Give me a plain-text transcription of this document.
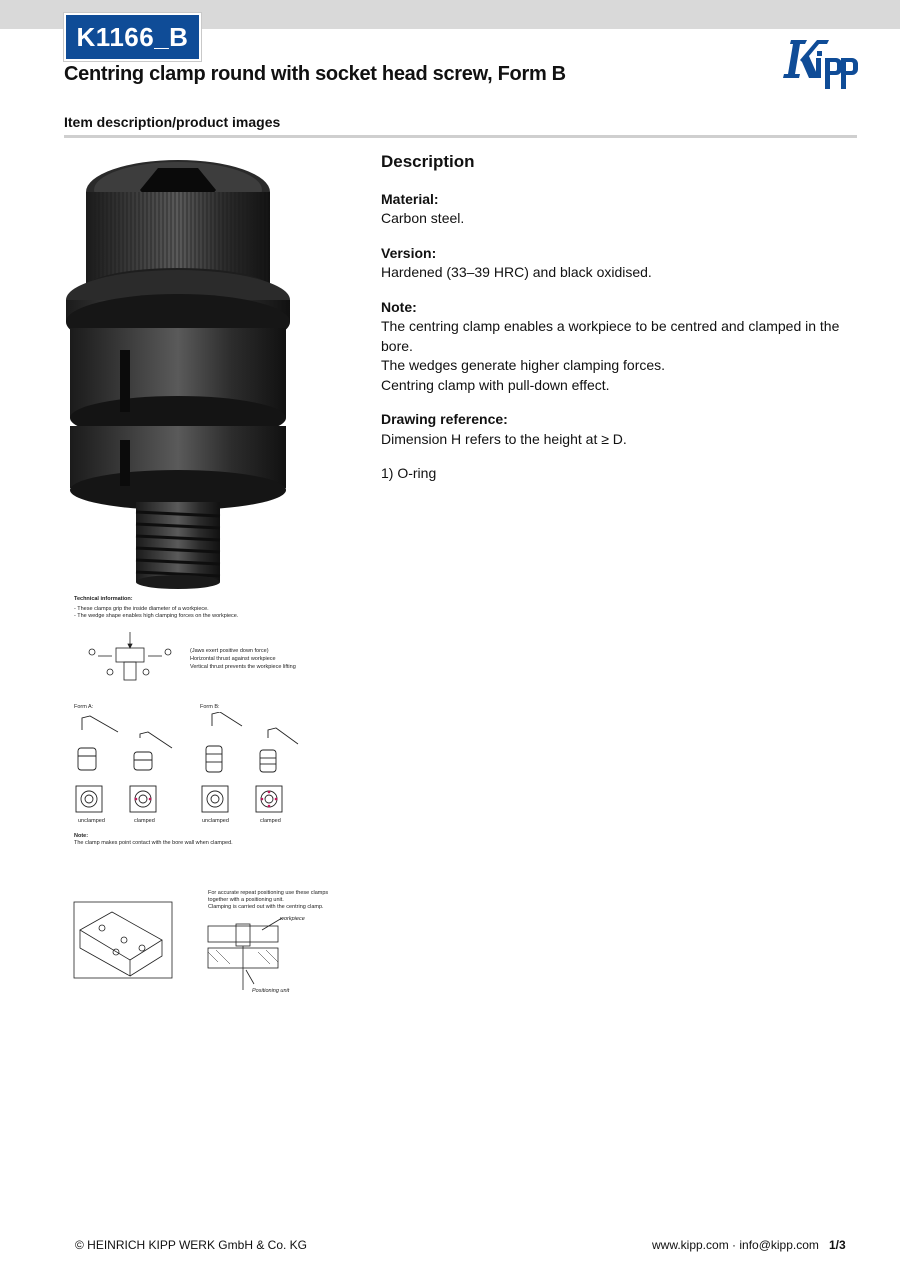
K1166_B
Centring clamp round with socket head screw, Form B
Item description/product images
Technical information:
- These clamps grip the inside diameter of a workpiece.
- The wedge shape enables high clamping forces on the workpiece.
(Jaws exert positive down force)
Horizontal thrust against workpiece
Vertical thrust prevents the workpiece lifting
Form A:	Form B:
unclamped	clamped	unclamped	clamped
Note:
The clamp makes point contact with the bore wall when clamped.
For accurate repeat positioning use these clamps
together with a positioning unit.
Clamping is carried out with the centring clamp.
workpiece
Positioning unit
Description
Material:
Carbon steel.
Version:
Hardened (33–39 HRC) and black oxidised.
Note:
The centring clamp enables a workpiece to be centred and clamped in the bore.
The wedges generate higher clamping forces.
Centring clamp with pull-down effect.
Drawing reference:
Dimension H refers to the height at ≥ D.
1) O-ring
© HEINRICH KIPP WERK GmbH & Co. KG	www.kipp.com · info@kipp.com 1/3
